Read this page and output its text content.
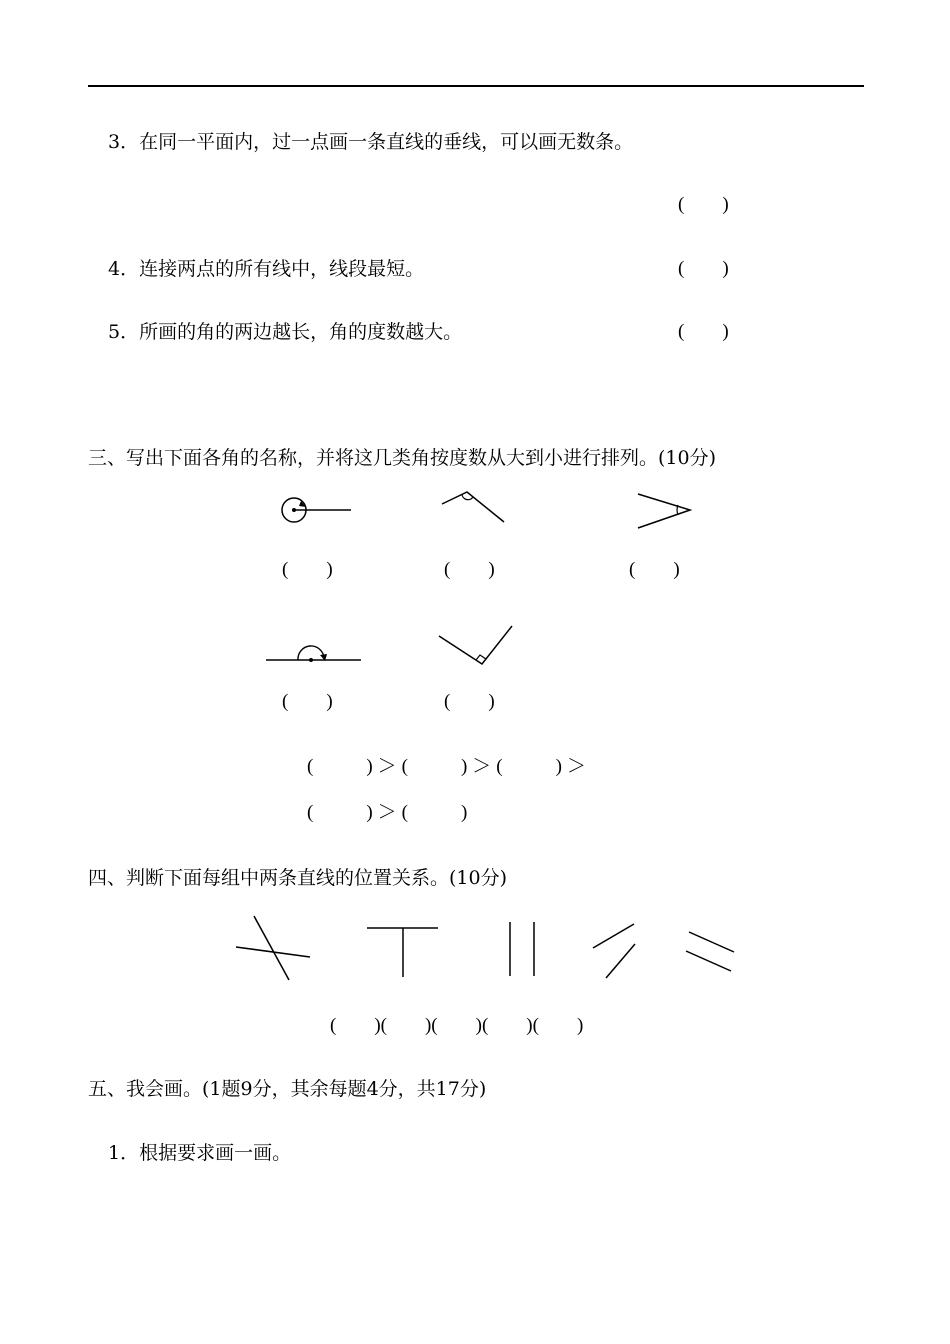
3．在同一平面内，过一点画一条直线的垂线，可以画无数条。
(　　)
4．连接两点的所有线中，线段最短。	(　　)
5．所画的角的两边越长，角的度数越大。	(　　)
三、写出下面各角的名称，并将这几类角按度数从大到小进行排列。(10分)
(　　)	(　　)	(　　)
(　　)	(　　)
(　　)＞(　　)＞(　　)＞
(　　)＞(　　)
四、判断下面每组中两条直线的位置关系。(10分)
(　　)(　　)(　　)(　　)(　　)
五、我会画。(1题9分，其余每题4分，共17分)
1．根据要求画一画。
